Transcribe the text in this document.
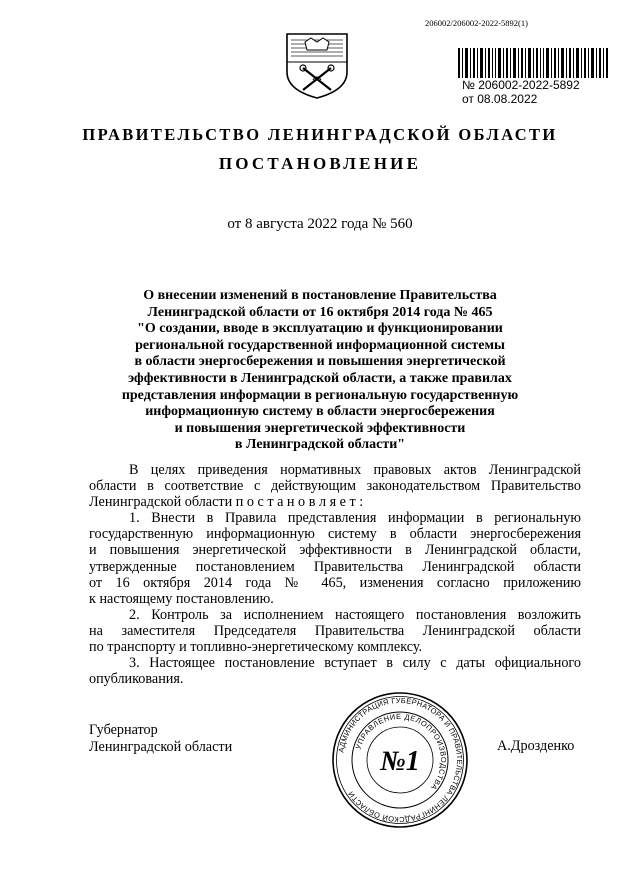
206002/206002-2022-5892(1)
№ 206002-2022-5892
от 08.08.2022
ПРАВИТЕЛЬСТВО ЛЕНИНГРАДСКОЙ ОБЛАСТИ
ПОСТАНОВЛЕНИЕ
от 8 августа 2022 года № 560
О внесении изменений в постановление Правительства
Ленинградской области от 16 октября 2014 года № 465
"О создании, вводе в эксплуатацию и функционировании
региональной государственной информационной системы
в области энергосбережения и повышения энергетической
эффективности в Ленинградской области, а также правилах
представления информации в региональную государственную
информационную систему в области энергосбережения
и повышения энергетической эффективности
в Ленинградской области"
В целях приведения нормативных правовых актов Ленинградской
области в соответствие с действующим законодательством Правительство
Ленинградской области п о с т а н о в л я е т :
1. Внести в Правила представления информации в региональную
государственную информационную систему в области энергосбережения
и повышения энергетической эффективности в Ленинградской области,
утвержденные постановлением Правительства Ленинградской области
от 16 октября 2014 года № 465, изменения согласно приложению
к настоящему постановлению.
2. Контроль за исполнением настоящего постановления возложить
на заместителя Председателя Правительства Ленинградской области
по транспорту и топливно-энергетическому комплексу.
3. Настоящее постановление вступает в силу с даты официального
опубликования.
Губернатор
Ленинградской области	А.Дрозденко
АДМИНИСТРАЦИЯ ГУБЕРНАТОРА И ПРАВИТЕЛЬСТВА ЛЕНИНГРАДСКОЙ ОБЛАСТИ
УПРАВЛЕНИЕ ДЕЛОПРОИЗВОДСТВА
№1
